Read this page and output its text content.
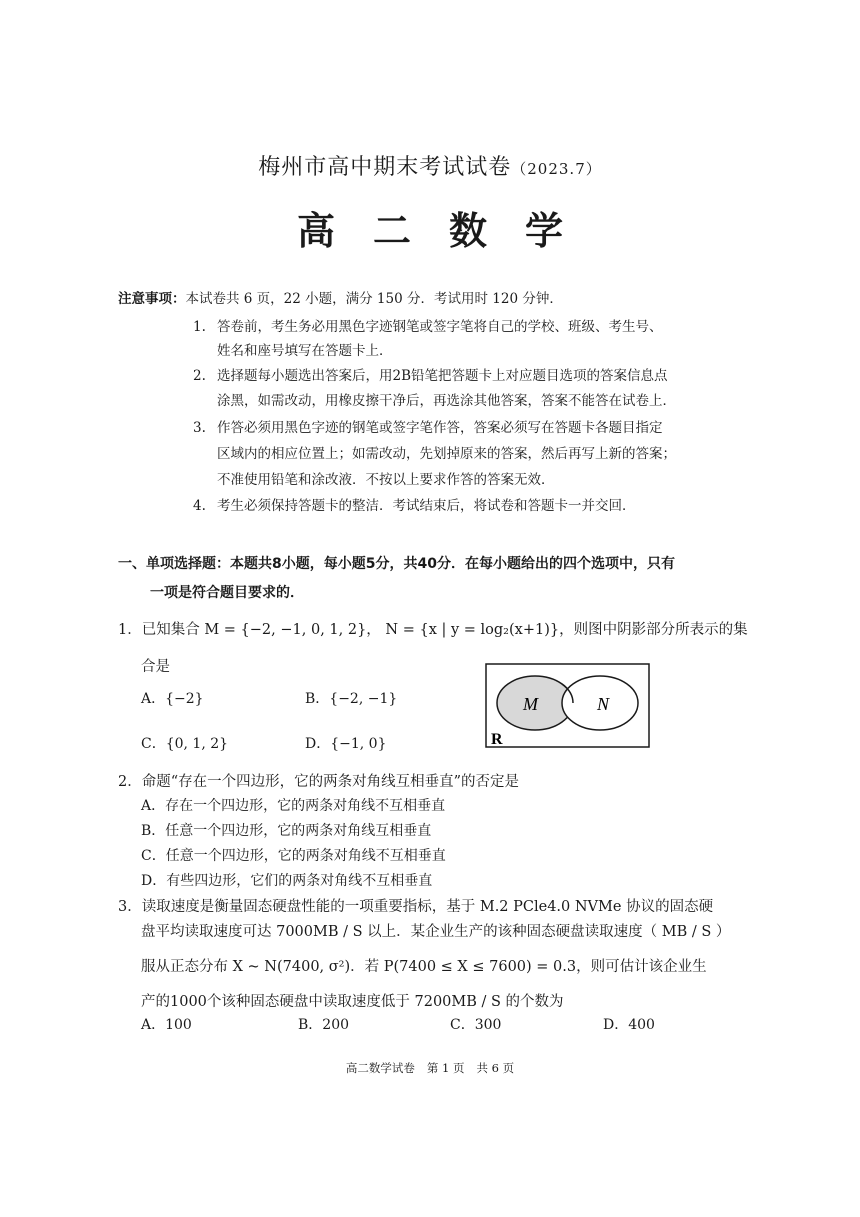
梅州市高中期末考试试卷（2023.7）
高二数学
注意事项：本试卷共 6 页，22 小题，满分 150 分．考试用时 120 分钟．
1. 答卷前，考生务必用黑色字迹钢笔或签字笔将自己的学校、班级、考生号、
姓名和座号填写在答题卡上．
2. 选择题每小题选出答案后，用2B铅笔把答题卡上对应题目选项的答案信息点
涂黑，如需改动，用橡皮擦干净后，再选涂其他答案，答案不能答在试卷上．
3. 作答必须用黑色字迹的钢笔或签字笔作答，答案必须写在答题卡各题目指定
区域内的相应位置上；如需改动，先划掉原来的答案，然后再写上新的答案；
不准使用铅笔和涂改液．不按以上要求作答的答案无效．
4. 考生必须保持答题卡的整洁．考试结束后，将试卷和答题卡一并交回．
一、单项选择题：本题共8小题，每小题5分，共40分．在每小题给出的四个选项中，只有
一项是符合题目要求的．
1．已知集合 M = {−2, −1, 0, 1, 2}， N = {x | y = log₂(x+1)}，则图中阴影部分所表示的集
合是
A．{−2}	B．{−2, −1}
C．{0, 1, 2}	D．{−1, 0}
M	N
R
2．命题“存在一个四边形，它的两条对角线互相垂直”的否定是
A．存在一个四边形，它的两条对角线不互相垂直
B．任意一个四边形，它的两条对角线互相垂直
C．任意一个四边形，它的两条对角线不互相垂直
D．有些四边形，它们的两条对角线不互相垂直
3．读取速度是衡量固态硬盘性能的一项重要指标，基于 M.2 PCle4.0 NVMe 协议的固态硬
盘平均读取速度可达 7000MB / S 以上．某企业生产的该种固态硬盘读取速度（ MB / S ）
服从正态分布 X ~ N(7400, σ²)．若 P(7400 ≤ X ≤ 7600) = 0.3，则可估计该企业生
产的1000个该种固态硬盘中读取速度低于 7200MB / S 的个数为
A．100	B．200	C．300	D．400
高二数学试卷 第 1 页 共 6 页
